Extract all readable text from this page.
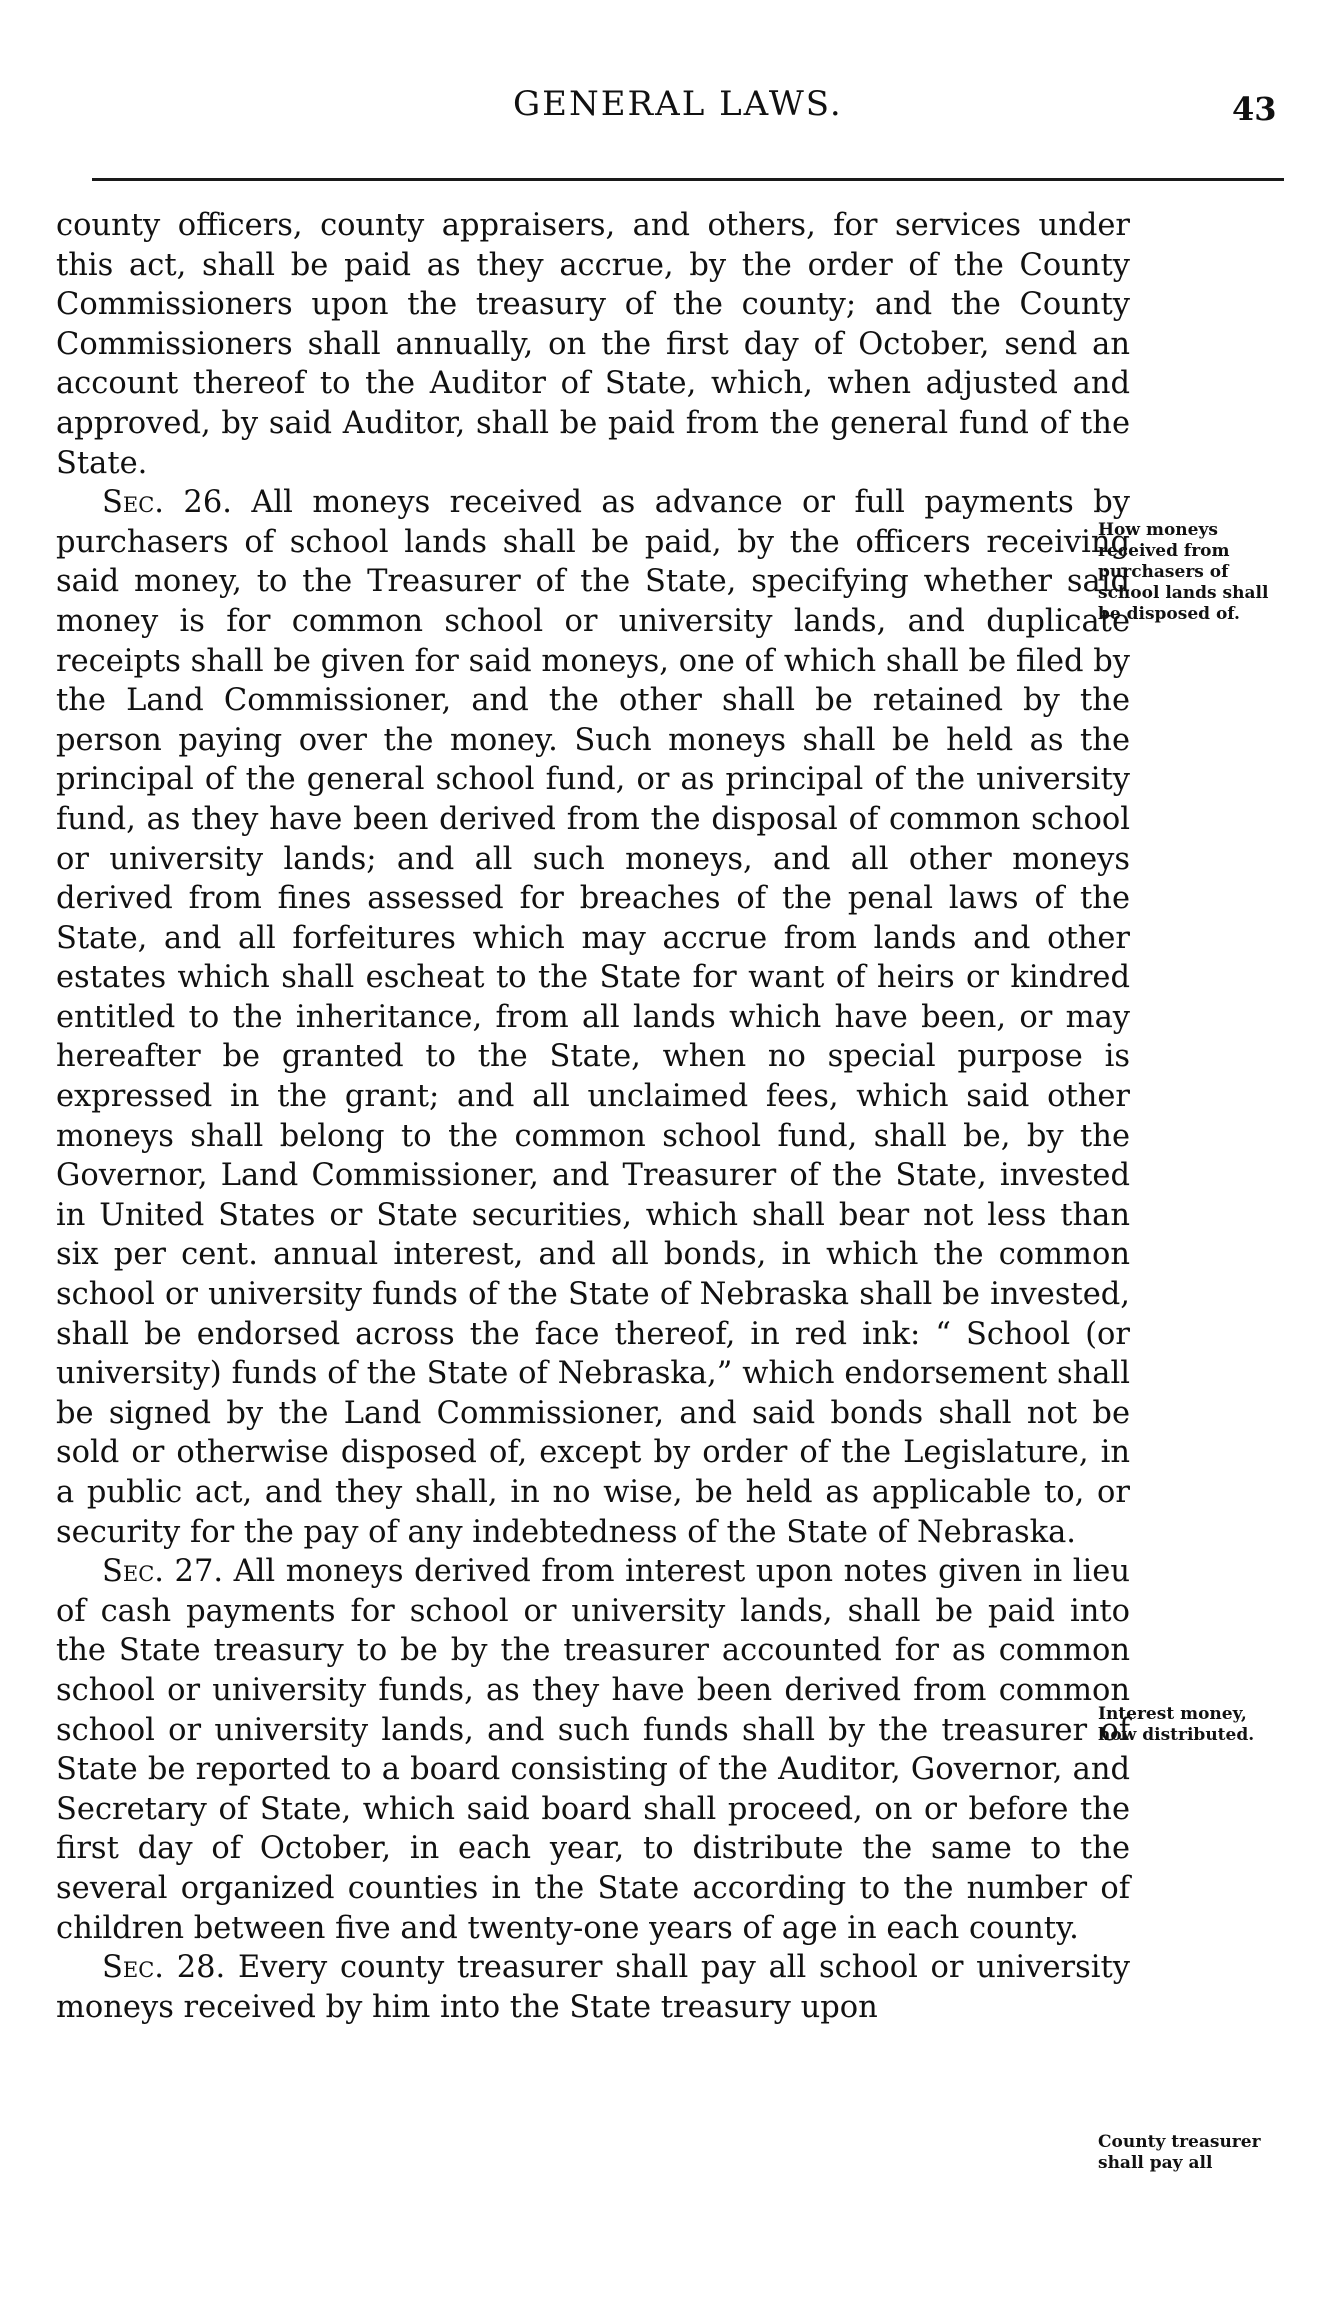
GENERAL LAWS.	43

county officers, county appraisers, and others, for services under this act, shall be paid as they accrue, by the order of the County Commissioners upon the treasury of the county; and the County Commissioners shall annually, on the first day of October, send an account thereof to the Auditor of State, which, when adjusted and approved, by said Auditor, shall be paid from the general fund of the State.

Sec. 26. All moneys received as advance or full payments by purchasers of school lands shall be paid, by the officers receiving said money, to the Treasurer of the State, specifying whether said money is for common school or university lands, and duplicate receipts shall be given for said moneys, one of which shall be filed by the Land Commissioner, and the other shall be retained by the person paying over the money. Such moneys shall be held as the principal of the general school fund, or as principal of the university fund, as they have been derived from the disposal of common school or university lands; and all such moneys, and all other moneys derived from fines assessed for breaches of the penal laws of the State, and all forfeitures which may accrue from lands and other estates which shall escheat to the State for want of heirs or kindred entitled to the inheritance, from all lands which have been, or may hereafter be granted to the State, when no special purpose is expressed in the grant; and all unclaimed fees, which said other moneys shall belong to the common school fund, shall be, by the Governor, Land Commissioner, and Treasurer of the State, invested in United States or State securities, which shall bear not less than six per cent. annual interest, and all bonds, in which the common school or university funds of the State of Nebraska shall be invested, shall be endorsed across the face thereof, in red ink: “ School (or university) funds of the State of Nebraska,” which endorsement shall be signed by the Land Commissioner, and said bonds shall not be sold or otherwise disposed of, except by order of the Legislature, in a public act, and they shall, in no wise, be held as applicable to, or security for the pay of any indebtedness of the State of Nebraska.

Sec. 27. All moneys derived from interest upon notes given in lieu of cash payments for school or university lands, shall be paid into the State treasury to be by the treasurer accounted for as common school or university funds, as they have been derived from common school or university lands, and such funds shall by the treasurer of State be reported to a board consisting of the Auditor, Governor, and Secretary of State, which said board shall proceed, on or before the first day of October, in each year, to distribute the same to the several organized counties in the State according to the number of children between five and twenty-one years of age in each county.

Sec. 28. Every county treasurer shall pay all school or university moneys received by him into the State treasury upon

How moneys received from purchasers of school lands shall be disposed of.
Interest money, how distributed.
County treasurer shall pay all
